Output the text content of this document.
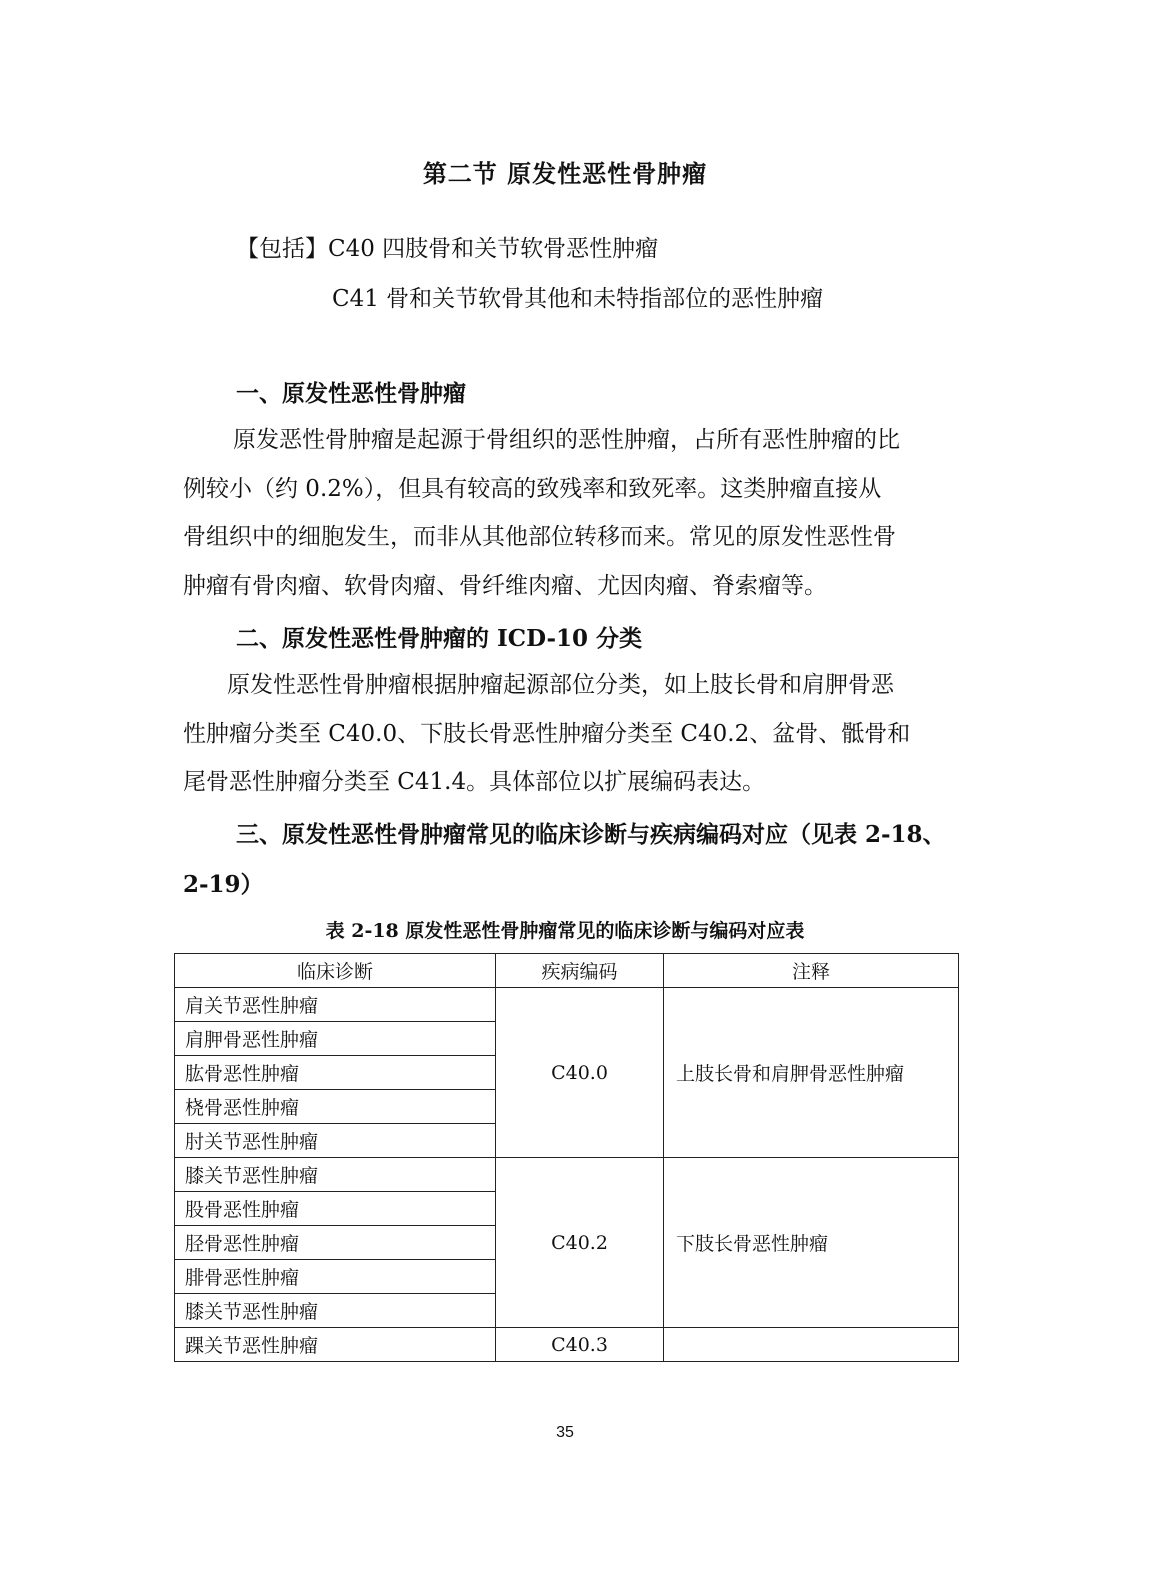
第二节 原发性恶性骨肿瘤
【包括】C40 四肢骨和关节软骨恶性肿瘤
C41 骨和关节软骨其他和未特指部位的恶性肿瘤
一、原发性恶性骨肿瘤
原发恶性骨肿瘤是起源于骨组织的恶性肿瘤，占所有恶性肿瘤的比
例较小（约 0.2%），但具有较高的致残率和致死率。这类肿瘤直接从
骨组织中的细胞发生，而非从其他部位转移而来。常见的原发性恶性骨
肿瘤有骨肉瘤、软骨肉瘤、骨纤维肉瘤、尤因肉瘤、脊索瘤等。
二、原发性恶性骨肿瘤的 ICD-10 分类
原发性恶性骨肿瘤根据肿瘤起源部位分类，如上肢长骨和肩胛骨恶
性肿瘤分类至 C40.0、下肢长骨恶性肿瘤分类至 C40.2、盆骨、骶骨和
尾骨恶性肿瘤分类至 C41.4。具体部位以扩展编码表达。
三、原发性恶性骨肿瘤常见的临床诊断与疾病编码对应（见表 2-18、
2-19）
表 2-18 原发性恶性骨肿瘤常见的临床诊断与编码对应表
临床诊断	疾病编码	注释
肩关节恶性肿瘤	C40.0	上肢长骨和肩胛骨恶性肿瘤
肩胛骨恶性肿瘤		
肱骨恶性肿瘤		
桡骨恶性肿瘤		
肘关节恶性肿瘤		
膝关节恶性肿瘤	C40.2	下肢长骨恶性肿瘤
股骨恶性肿瘤		
胫骨恶性肿瘤		
腓骨恶性肿瘤		
膝关节恶性肿瘤		
踝关节恶性肿瘤	C40.3	
35
